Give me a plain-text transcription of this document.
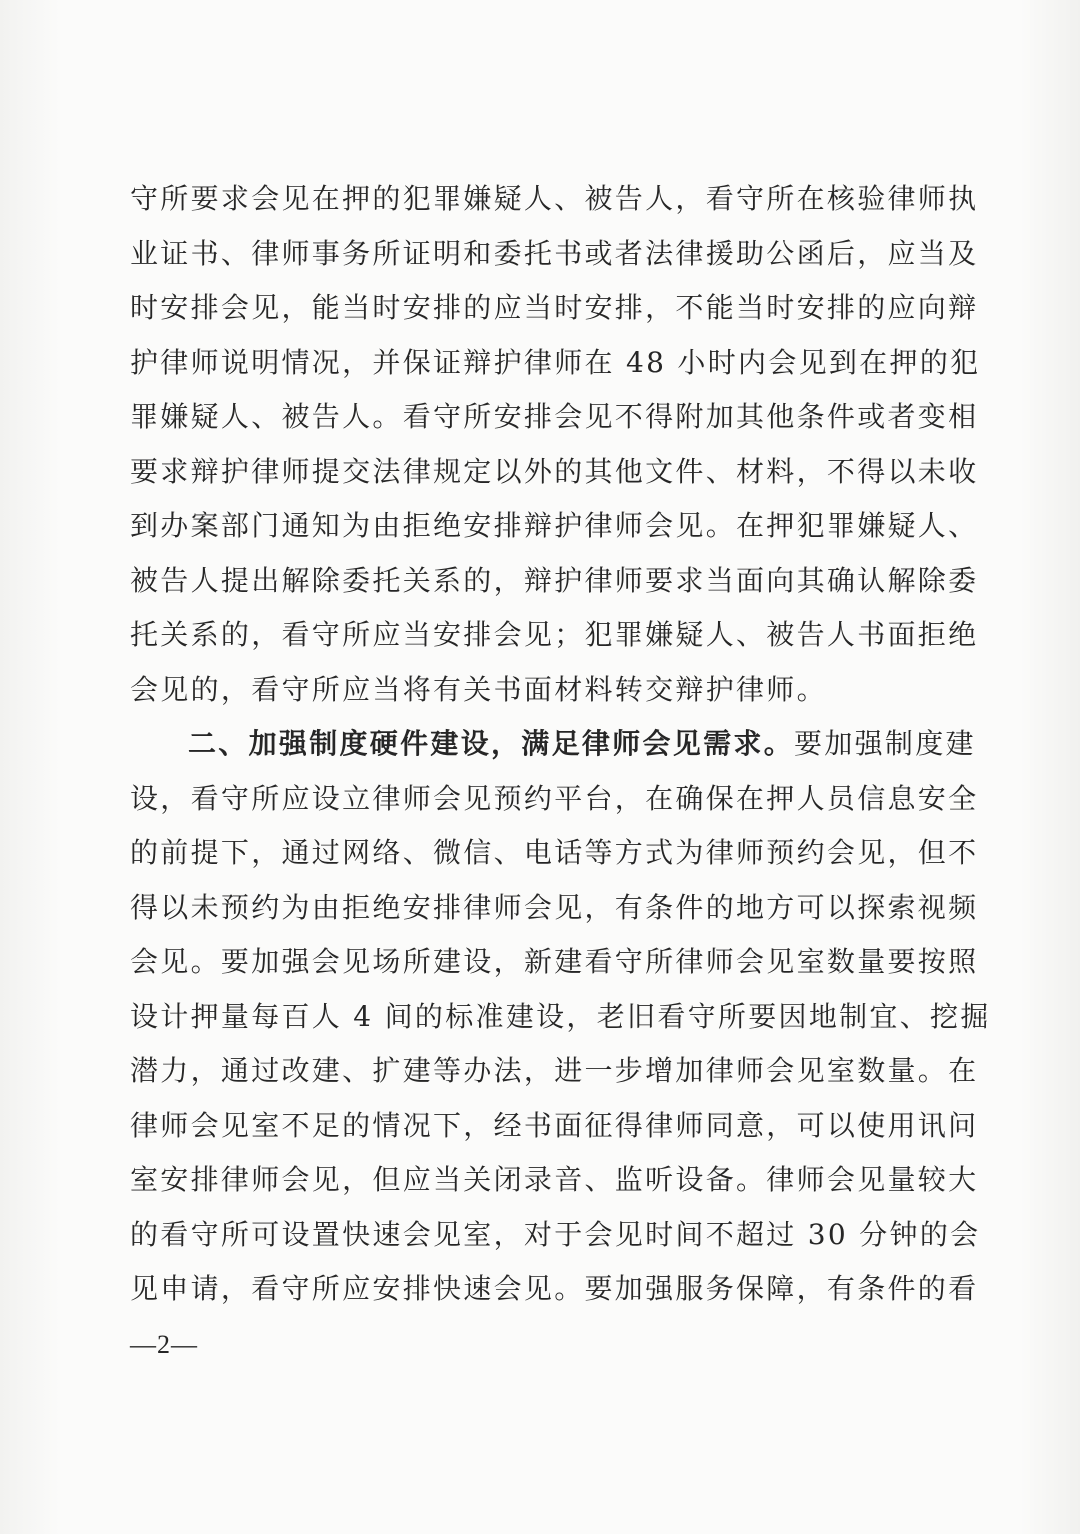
守所要求会见在押的犯罪嫌疑人、被告人，看守所在核验律师执
业证书、律师事务所证明和委托书或者法律援助公函后，应当及
时安排会见，能当时安排的应当时安排，不能当时安排的应向辩
护律师说明情况，并保证辩护律师在 48 小时内会见到在押的犯
罪嫌疑人、被告人。看守所安排会见不得附加其他条件或者变相
要求辩护律师提交法律规定以外的其他文件、材料，不得以未收
到办案部门通知为由拒绝安排辩护律师会见。在押犯罪嫌疑人、
被告人提出解除委托关系的，辩护律师要求当面向其确认解除委
托关系的，看守所应当安排会见；犯罪嫌疑人、被告人书面拒绝
会见的，看守所应当将有关书面材料转交辩护律师。
二、加强制度硬件建设，满足律师会见需求。要加强制度建
设，看守所应设立律师会见预约平台，在确保在押人员信息安全
的前提下，通过网络、微信、电话等方式为律师预约会见，但不
得以未预约为由拒绝安排律师会见，有条件的地方可以探索视频
会见。要加强会见场所建设，新建看守所律师会见室数量要按照
设计押量每百人 4 间的标准建设，老旧看守所要因地制宜、挖掘
潜力，通过改建、扩建等办法，进一步增加律师会见室数量。在
律师会见室不足的情况下，经书面征得律师同意，可以使用讯问
室安排律师会见，但应当关闭录音、监听设备。律师会见量较大
的看守所可设置快速会见室，对于会见时间不超过 30 分钟的会
见申请，看守所应安排快速会见。要加强服务保障，有条件的看
—2—
